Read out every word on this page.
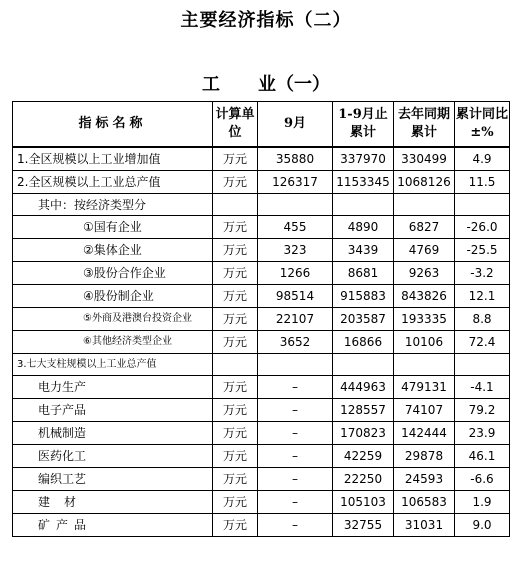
主要经济指标（二）
工 业（一）
指标名称	计算单位	9月	1-9月止累计	去年同期累计	累计同比±%
1.全区规模以上工业增加值	万元	35880	337970	330499	4.9
2.全区规模以上工业总产值	万元	126317	1153345	1068126	11.5
其中：按经济类型分					
①国有企业	万元	455	4890	6827	-26.0
②集体企业	万元	323	3439	4769	-25.5
③股份合作企业	万元	1266	8681	9263	-3.2
④股份制企业	万元	98514	915883	843826	12.1
⑤外商及港澳台投资企业	万元	22107	203587	193335	8.8
⑥其他经济类型企业	万元	3652	16866	10106	72.4
3.七大支柱规模以上工业总产值					
电力生产	万元	–	444963	479131	-4.1
电子产品	万元	–	128557	74107	79.2
机械制造	万元	–	170823	142444	23.9
医药化工	万元	–	42259	29878	46.1
编织工艺	万元	–	22250	24593	-6.6
建材	万元	–	105103	106583	1.9
矿产品	万元	–	32755	31031	9.0
